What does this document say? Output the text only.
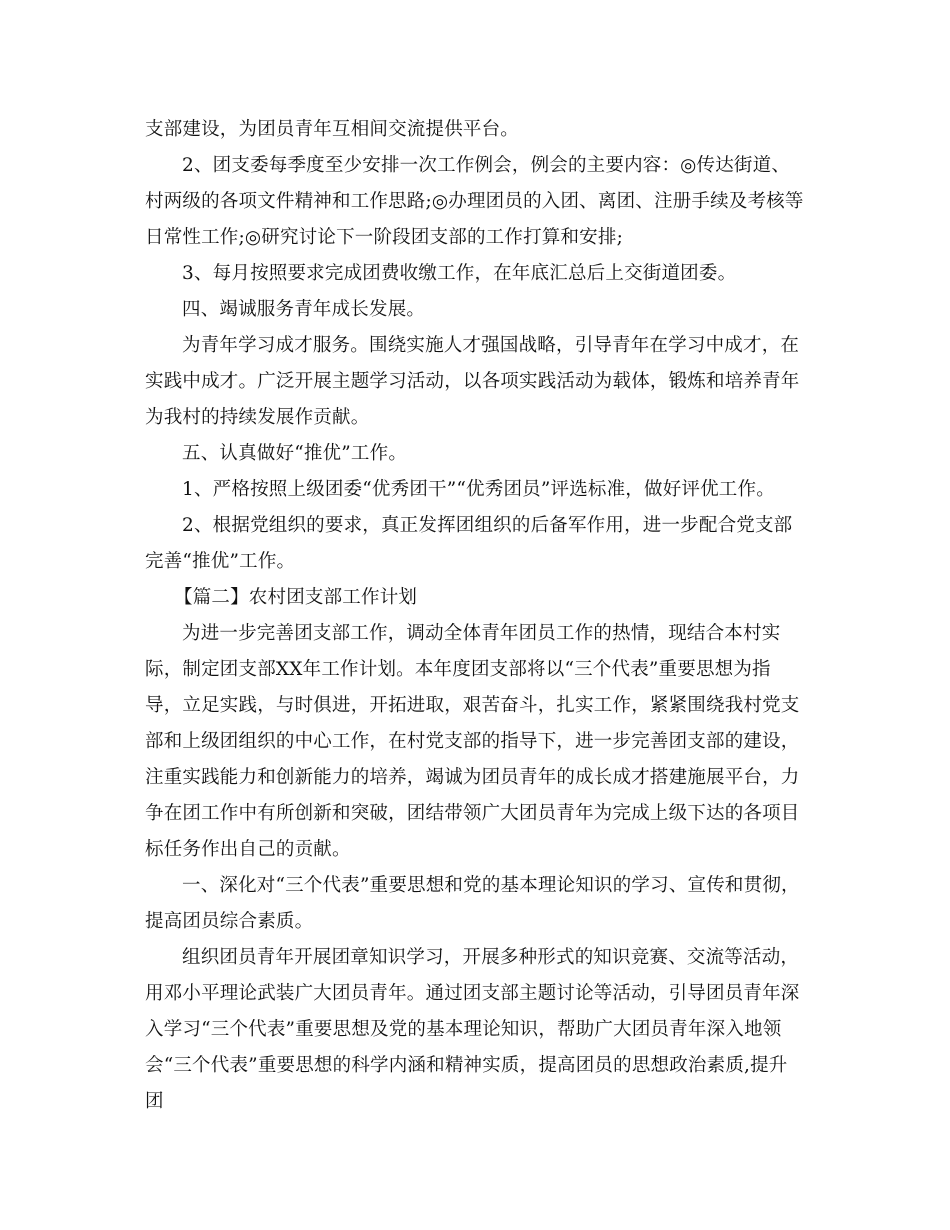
支部建设，为团员青年互相间交流提供平台。

2、团支委每季度至少安排一次工作例会，例会的主要内容：◎传达街道、村两级的各项文件精神和工作思路;◎办理团员的入团、离团、注册手续及考核等日常性工作;◎研究讨论下一阶段团支部的工作打算和安排;

3、每月按照要求完成团费收缴工作，在年底汇总后上交街道团委。

四、竭诚服务青年成长发展。

为青年学习成才服务。围绕实施人才强国战略，引导青年在学习中成才，在实践中成才。广泛开展主题学习活动，以各项实践活动为载体，锻炼和培养青年为我村的持续发展作贡献。

五、认真做好“推优”工作。

1、严格按照上级团委“优秀团干”“优秀团员”评选标准，做好评优工作。

2、根据党组织的要求，真正发挥团组织的后备军作用，进一步配合党支部完善“推优”工作。

【篇二】农村团支部工作计划

为进一步完善团支部工作，调动全体青年团员工作的热情，现结合本村实际，制定团支部XX年工作计划。本年度团支部将以“三个代表”重要思想为指导，立足实践，与时俱进，开拓进取，艰苦奋斗，扎实工作，紧紧围绕我村党支部和上级团组织的中心工作，在村党支部的指导下，进一步完善团支部的建设，注重实践能力和创新能力的培养，竭诚为团员青年的成长成才搭建施展平台，力争在团工作中有所创新和突破，团结带领广大团员青年为完成上级下达的各项目标任务作出自己的贡献。

一、深化对“三个代表”重要思想和党的基本理论知识的学习、宣传和贯彻，提高团员综合素质。

组织团员青年开展团章知识学习，开展多种形式的知识竞赛、交流等活动，用邓小平理论武装广大团员青年。通过团支部主题讨论等活动，引导团员青年深入学习“三个代表”重要思想及党的基本理论知识，帮助广大团员青年深入地领会“三个代表”重要思想的科学内涵和精神实质，提高团员的思想政治素质,提升团
